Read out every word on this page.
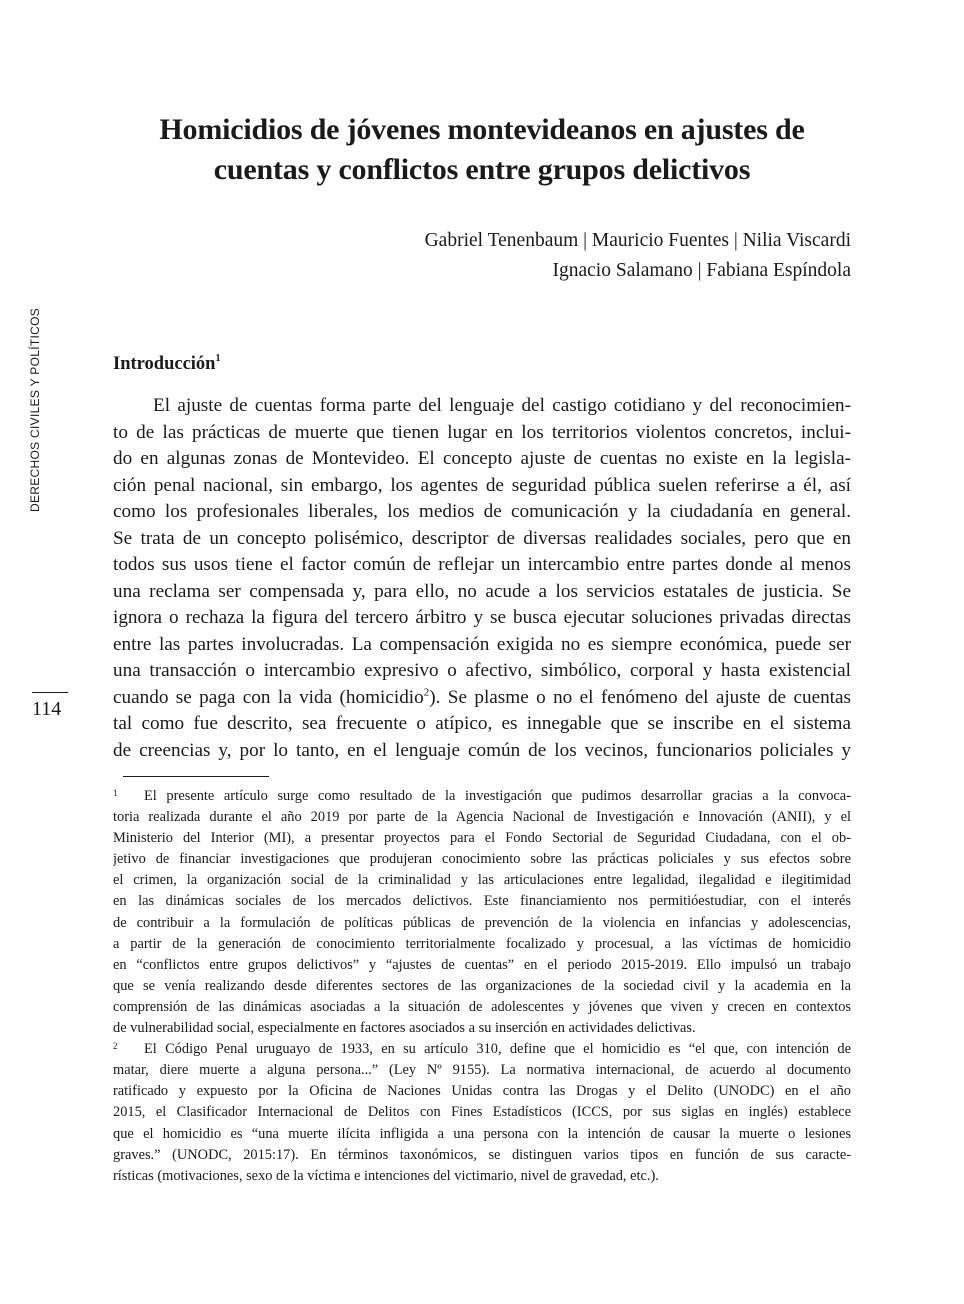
Homicidios de jóvenes montevideanos en ajustes de
cuentas y conflictos entre grupos delictivos
Gabriel Tenenbaum | Mauricio Fuentes | Nilia Viscardi
Ignacio Salamano | Fabiana Espíndola
DERECHOS CIVILES Y POLÍTICOS
114
Introducción$^1$
El ajuste de cuentas forma parte del lenguaje del castigo cotidiano y del reconocimien-
to de las prácticas de muerte que tienen lugar en los territorios violentos concretos, inclui-
do en algunas zonas de Montevideo. El concepto ajuste de cuentas no existe en la legisla-
ción penal nacional, sin embargo, los agentes de seguridad pública suelen referirse a él, así
como los profesionales liberales, los medios de comunicación y la ciudadanía en general.
Se trata de un concepto polisémico, descriptor de diversas realidades sociales, pero que en
todos sus usos tiene el factor común de reflejar un intercambio entre partes donde al menos
una reclama ser compensada y, para ello, no acude a los servicios estatales de justicia. Se
ignora o rechaza la figura del tercero árbitro y se busca ejecutar soluciones privadas directas
entre las partes involucradas. La compensación exigida no es siempre económica, puede ser
una transacción o intercambio expresivo o afectivo, simbólico, corporal y hasta existencial
cuando se paga con la vida (homicidio$^2$). Se plasme o no el fenómeno del ajuste de cuentas
tal como fue descrito, sea frecuente o atípico, es innegable que se inscribe en el sistema
de creencias y, por lo tanto, en el lenguaje común de los vecinos, funcionarios policiales y
1 El presente artículo surge como resultado de la investigación que pudimos desarrollar gracias a la convoca-
toria realizada durante el año 2019 por parte de la Agencia Nacional de Investigación e Innovación (ANII), y el
Ministerio del Interior (MI), a presentar proyectos para el Fondo Sectorial de Seguridad Ciudadana, con el ob-
jetivo de financiar investigaciones que produjeran conocimiento sobre las prácticas policiales y sus efectos sobre
el crimen, la organización social de la criminalidad y las articulaciones entre legalidad, ilegalidad e ilegitimidad
en las dinámicas sociales de los mercados delictivos. Este financiamiento nos permitióestudiar, con el interés
de contribuir a la formulación de políticas públicas de prevención de la violencia en infancias y adolescencias,
a partir de la generación de conocimiento territorialmente focalizado y procesual, a las víctimas de homicidio
en “conflictos entre grupos delictivos” y “ajustes de cuentas” en el periodo 2015-2019. Ello impulsó un trabajo
que se venía realizando desde diferentes sectores de las organizaciones de la sociedad civil y la academia en la
comprensión de las dinámicas asociadas a la situación de adolescentes y jóvenes que viven y crecen en contextos
de vulnerabilidad social, especialmente en factores asociados a su inserción en actividades delictivas.
2 El Código Penal uruguayo de 1933, en su artículo 310, define que el homicidio es “el que, con intención de
matar, diere muerte a alguna persona...” (Ley Nº 9155). La normativa internacional, de acuerdo al documento
ratificado y expuesto por la Oficina de Naciones Unidas contra las Drogas y el Delito (UNODC) en el año
2015, el Clasificador Internacional de Delitos con Fines Estadísticos (ICCS, por sus siglas en inglés) establece
que el homicidio es “una muerte ilícita infligida a una persona con la intención de causar la muerte o lesiones
graves.” (UNODC, 2015:17). En términos taxonómicos, se distinguen varios tipos en función de sus caracte-
rísticas (motivaciones, sexo de la víctima e intenciones del victimario, nivel de gravedad, etc.).
